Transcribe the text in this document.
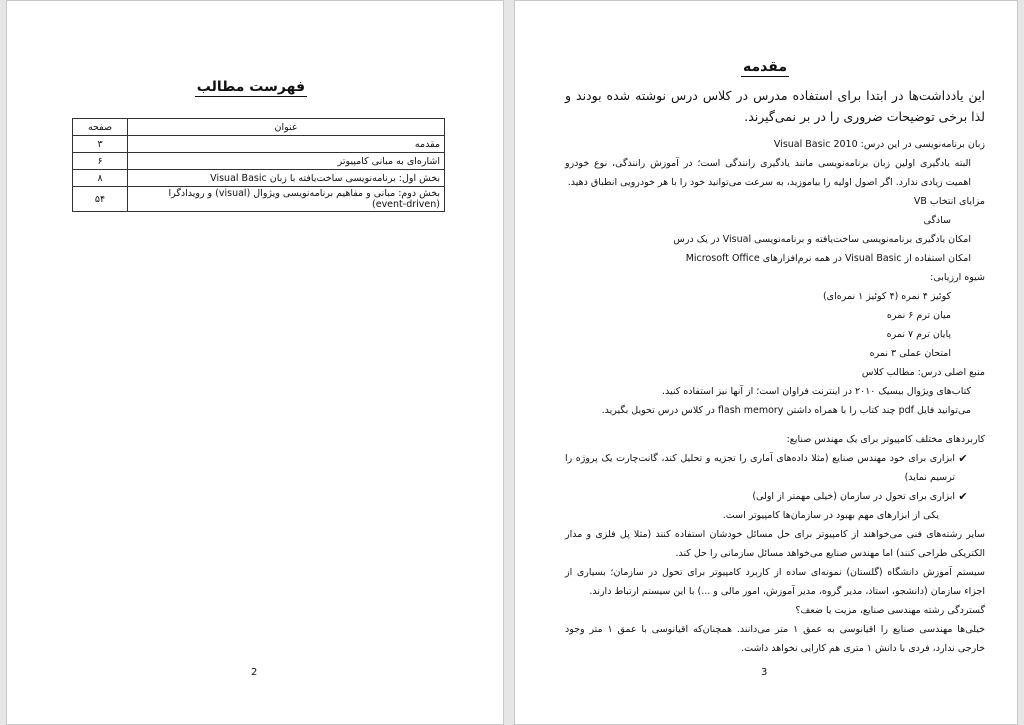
فهرست مطالب
عنوان	صفحه
مقدمه	۳
اشاره‌ای به مبانی کامپیوتر	۶
بخش اول: برنامه‌نویسی ساخت‌یافته با زبان Visual Basic	۸
بخش دوم: مبانی و مفاهیم برنامه‌نویسی ویژوال (visual) و رویدادگرا (event-driven)	۵۴
2
مقدمه
این یادداشت‌ها در ابتدا برای استفاده مدرس در کلاس درس نوشته شده بودند و لذا برخی توضیحات ضروری را در بر نمی‌گیرند.

زبان برنامه‌نویسی در این درس: Visual Basic 2010

البته یادگیری اولین زبان برنامه‌نویسی مانند یادگیری رانندگی است؛ در آموزش رانندگی، نوع خودرو اهمیت زیادی ندارد. اگر اصول اولیه را بیاموزید، به سرعت می‌توانید خود را با هر خودرویی انطباق دهید.

مزایای انتخاب VB

سادگی

امکان یادگیری برنامه‌نویسی ساخت‌یافته و برنامه‌نویسی Visual در یک درس

امکان استفاده از Visual Basic در همه نرم‌افزارهای Microsoft Office

شیوه ارزیابی:

کوئیز ۴ نمره (۴ کوئیز ۱ نمره‌ای)

میان ترم ۶ نمره

پایان ترم ۷ نمره

امتحان عملی ۳ نمره

منبع اصلی درس: مطالب کلاس

کتاب‌های ویژوال بیسیک ۲۰۱۰ در اینترنت فراوان است؛ از آنها نیز استفاده کنید.

می‌توانید فایل pdf چند کتاب را با همراه داشتن flash memory در کلاس درس تحویل بگیرید.

کاربردهای مختلف کامپیوتر برای یک مهندس صنایع:

✔
ابزاری برای خود مهندس صنایع (مثلا داده‌های آماری را تجزیه و تحلیل کند، گانت‌چارت یک پروژه را ترسیم نماید)
✔
ابزاری برای تحول در سازمان (خیلی مهمتر از اولی)

یکی از ابزارهای مهم بهبود در سازمان‌ها کامپیوتر است.

سایر رشته‌های فنی می‌خواهند از کامپیوتر برای حل مسائل خودشان استفاده کنند (مثلا پل فلزی و مدار الکتریکی طراحی کنند) اما مهندس صنایع می‌خواهد مسائل سازمانی را حل کند.

سیستم آموزش دانشگاه (گلستان) نمونه‌ای ساده از کاربرد کامپیوتر برای تحول در سازمان؛ بسیاری از اجزاء سازمان (دانشجو، استاد، مدیر گروه، مدیر آموزش، امور مالی و ...) با این سیستم ارتباط دارند.

گستردگی رشته مهندسی صنایع، مزیت یا ضعف؟

خیلی‌ها مهندسی صنایع را اقیانوسی به عمق ۱ متر می‌دانند. همچنان‌که اقیانوسی با عمق ۱ متر وجود خارجی ندارد، فردی با دانش ۱ متری هم کارایی نخواهد داشت.

3
